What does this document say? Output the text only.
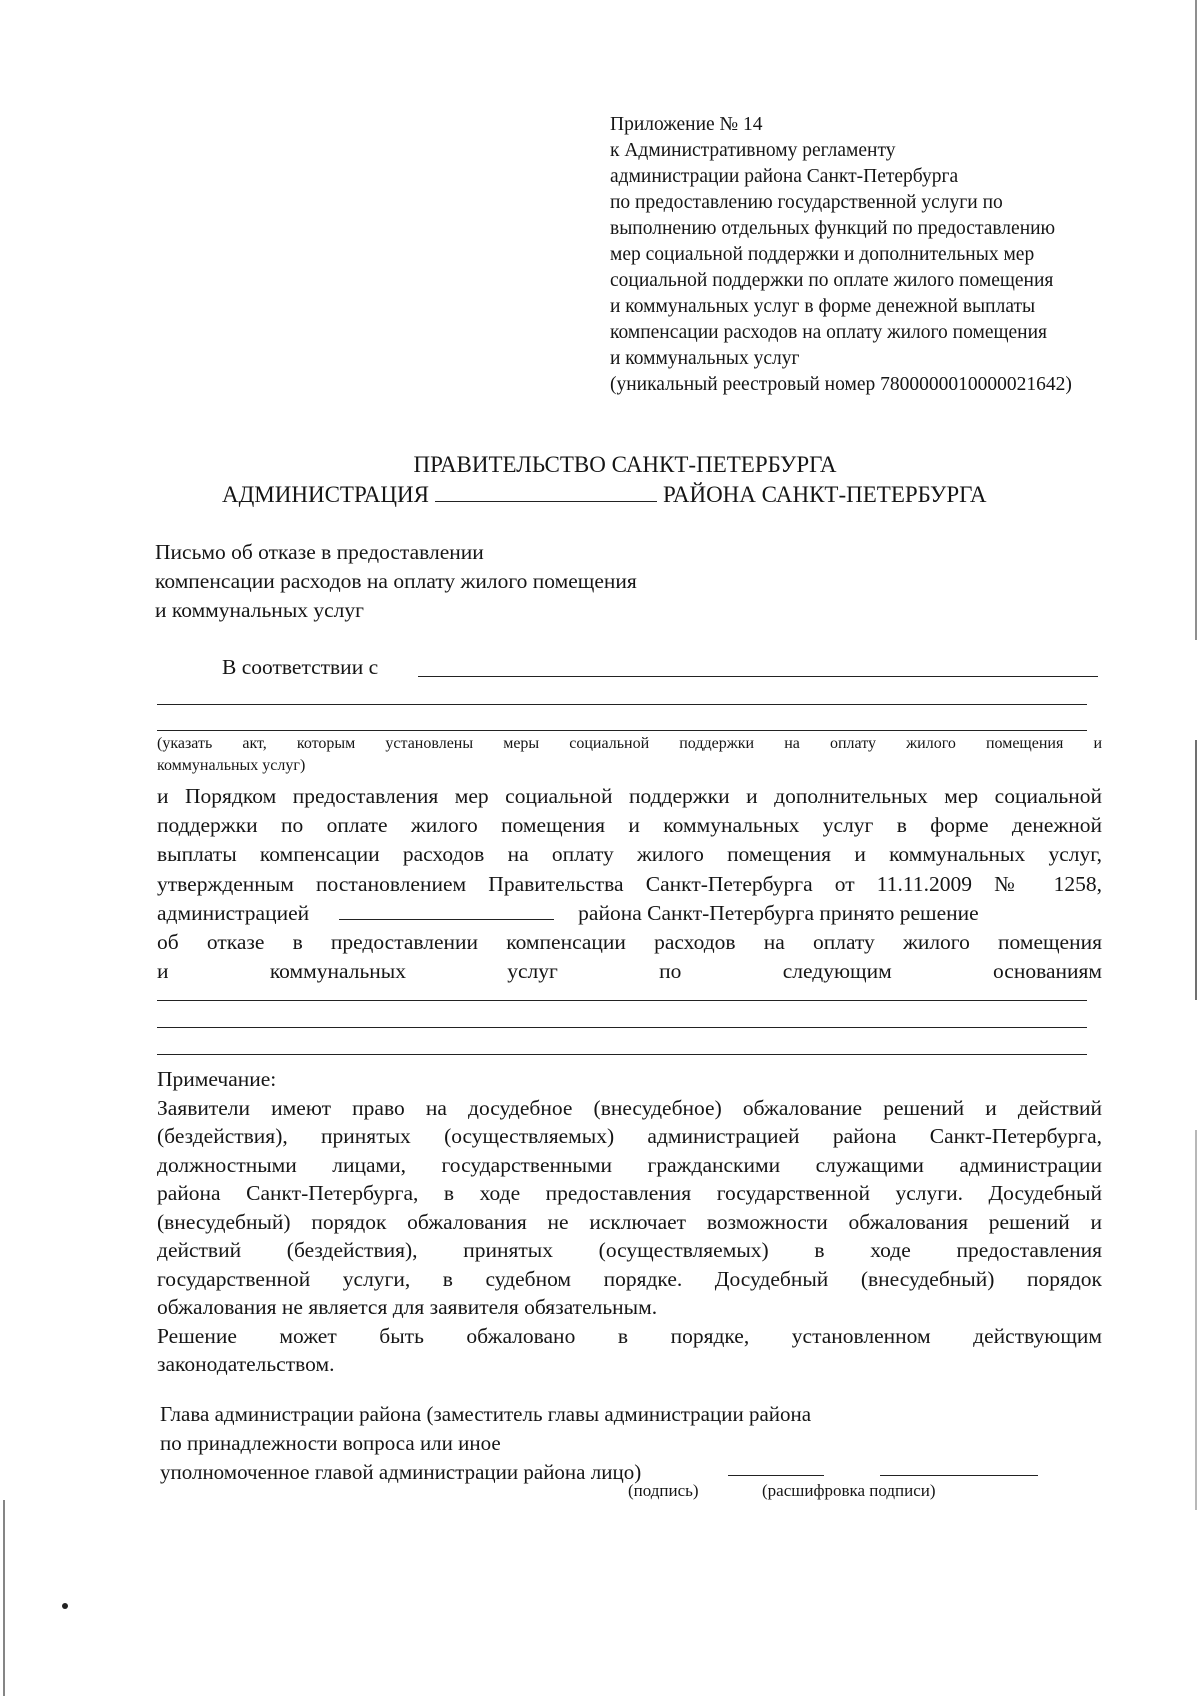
Приложение № 14
к Административному регламенту
администрации района Санкт-Петербурга
по предоставлению государственной услуги по
выполнению отдельных функций по предоставлению
мер социальной поддержки и дополнительных мер
социальной поддержки по оплате жилого помещения
и коммунальных услуг в форме денежной выплаты
компенсации расходов на оплату жилого помещения
и коммунальных услуг
(уникальный реестровый номер 7800000010000021642)
ПРАВИТЕЛЬСТВО САНКТ-ПЕТЕРБУРГА
АДМИНИСТРАЦИЯ	РАЙОНА САНКТ-ПЕТЕРБУРГА
Письмо об отказе в предоставлении
компенсации расходов на оплату жилого помещения
и коммунальных услуг
В соответствии с
(указать акт, которым установлены меры социальной поддержки на оплату жилого помещения и
коммунальных услуг)
и Порядком предоставления мер социальной поддержки и дополнительных мер социальной
поддержки по оплате жилого помещения и коммунальных услуг в форме денежной
выплаты компенсации расходов на оплату жилого помещения и коммунальных услуг,
утвержденным постановлением Правительства Санкт-Петербурга от 11.11.2009 № 1258,
администрацией	района Санкт-Петербурга принято решение
об отказе в предоставлении компенсации расходов на оплату жилого помещения
и коммунальных услуг по следующим основаниям
Примечание:
Заявители имеют право на досудебное (внесудебное) обжалование решений и действий
(бездействия), принятых (осуществляемых) администрацией района Санкт-Петербурга,
должностными лицами, государственными гражданскими служащими администрации
района Санкт-Петербурга, в ходе предоставления государственной услуги. Досудебный
(внесудебный) порядок обжалования не исключает возможности обжалования решений и
действий (бездействия), принятых (осуществляемых) в ходе предоставления
государственной услуги, в судебном порядке. Досудебный (внесудебный) порядок
обжалования не является для заявителя обязательным.
Решение может быть обжаловано в порядке, установленном действующим
законодательством.
Глава администрации района (заместитель главы администрации района
по принадлежности вопроса или иное
уполномоченное главой администрации района лицо)
(подпись)	(расшифровка подписи)
